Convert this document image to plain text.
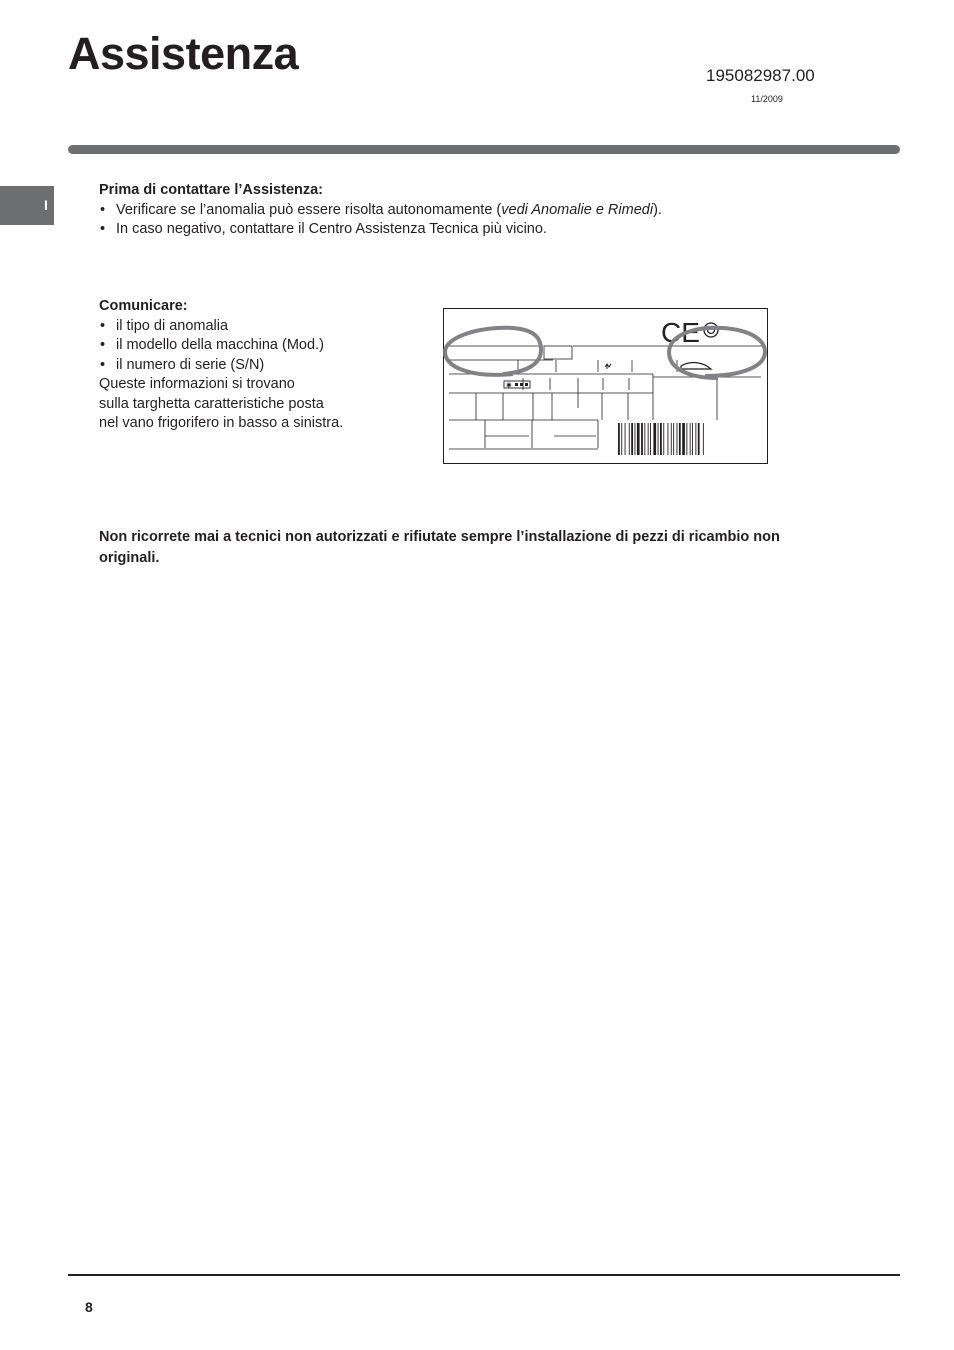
Assistenza	195082987.00
11/2009
I
Prima di contattare l’Assistenza:
• Verificare se l’anomalia può essere risolta autonomamente (vedi Anomalie e Rimedi).
• In caso negativo, contattare il Centro Assistenza Tecnica più vicino.
Comunicare:
• il tipo di anomalia
• il modello della macchina (Mod.)
• il numero di serie (S/N)

Queste informazioni si trovano

sulla targhetta caratteristiche posta

nel vano frigorifero in basso a sinistra.

CE
✱

Non ricorrete mai a tecnici non autorizzati e rifiutate sempre l’installazione di pezzi di ricambio non originali.

8
